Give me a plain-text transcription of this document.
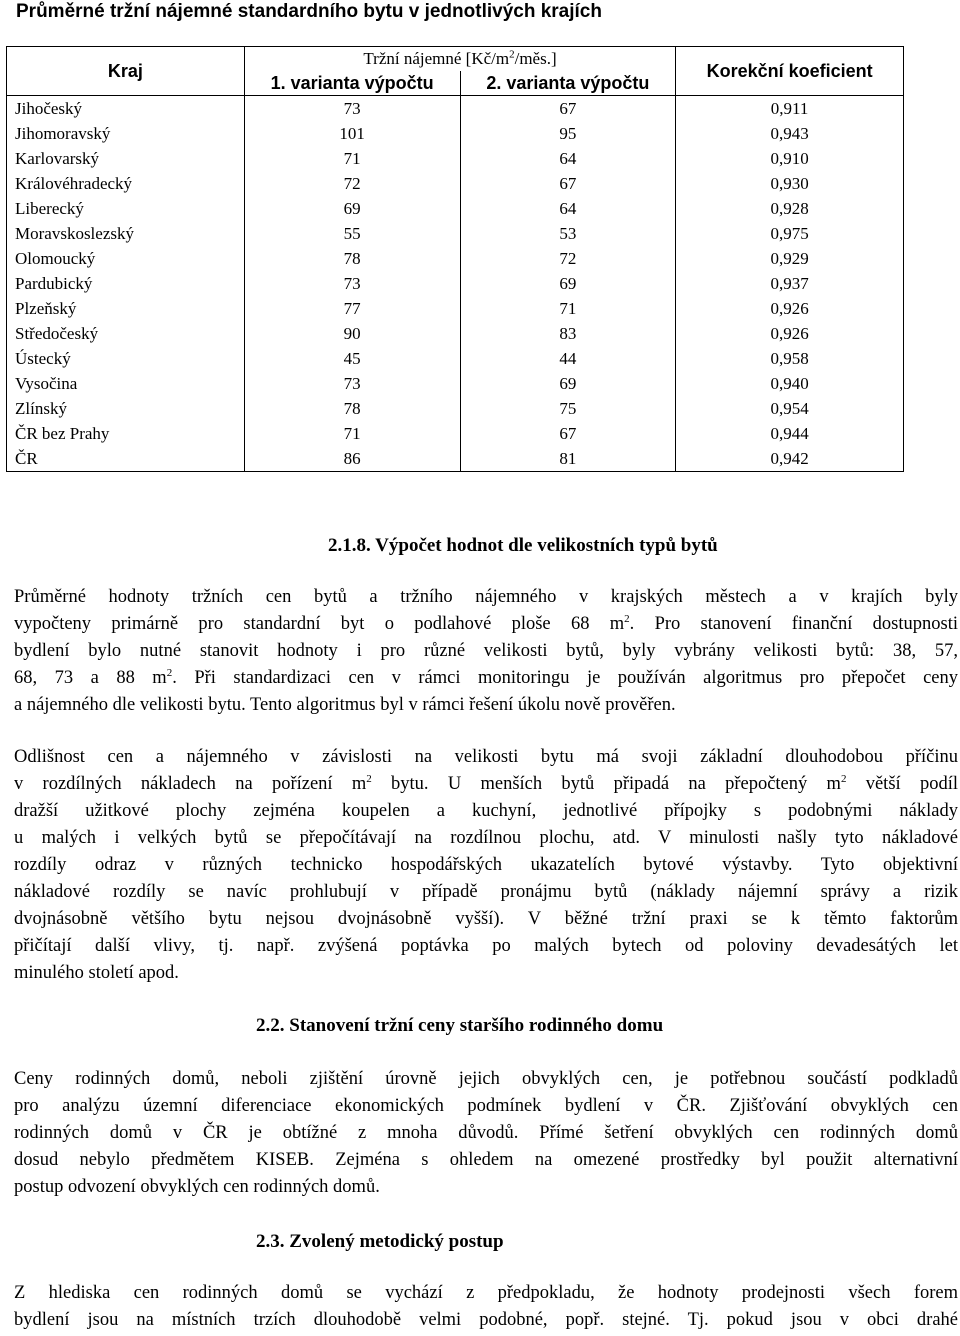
Průměrné tržní nájemné standardního bytu v jednotlivých krajích
Kraj	Tržní nájemné $[Kč/m^2/měs.]$		Korekční koeficient
	1. varianta výpočtu	2. varianta výpočtu	
Jihočeský	73	67	0,911
Jihomoravský	101	95	0,943
Karlovarský	71	64	0,910
Královéhradecký	72	67	0,930
Liberecký	69	64	0,928
Moravskoslezský	55	53	0,975
Olomoucký	78	72	0,929
Pardubický	73	69	0,937
Plzeňský	77	71	0,926
Středočeský	90	83	0,926
Ústecký	45	44	0,958
Vysočina	73	69	0,940
Zlínský	78	75	0,954
ČR bez Prahy	71	67	0,944
ČR	86	81	0,942
2.1.8. Výpočet hodnot dle velikostních typů bytů
Průměrné hodnoty tržních cen bytů a tržního nájemného v krajských městech a v krajích byly
vypočteny primárně pro standardní byt o podlahové ploše 68 $m^2$. Pro stanovení finanční dostupnosti
bydlení bylo nutné stanovit hodnoty i pro různé velikosti bytů, byly vybrány velikosti bytů: 38, 57,
68, 73 a 88 $m^2$. Při standardizaci cen v rámci monitoringu je používán algoritmus pro přepočet ceny
a nájemného dle velikosti bytu. Tento algoritmus byl v rámci řešení úkolu nově prověřen.
Odlišnost cen a nájemného v závislosti na velikosti bytu má svoji základní dlouhodobou příčinu
v rozdílných nákladech na pořízení $m^2$ bytu. U menších bytů připadá na přepočtený $m^2$ větší podíl
dražší užitkové plochy zejména koupelen a kuchyní, jednotlivé přípojky s podobnými náklady
u malých i velkých bytů se přepočítávají na rozdílnou plochu, atd. V minulosti našly tyto nákladové
rozdíly odraz v různých technicko hospodářských ukazatelích bytové výstavby. Tyto objektivní
nákladové rozdíly se navíc prohlubují v případě pronájmu bytů (náklady nájemní správy a rizik
dvojnásobně většího bytu nejsou dvojnásobně vyšší). V běžné tržní praxi se k těmto faktorům
přičítají další vlivy, tj. např. zvýšená poptávka po malých bytech od poloviny devadesátých let
minulého století apod.
2.2. Stanovení tržní ceny staršího rodinného domu
Ceny rodinných domů, neboli zjištění úrovně jejich obvyklých cen, je potřebnou součástí podkladů
pro analýzu územní diferenciace ekonomických podmínek bydlení v ČR. Zjišťování obvyklých cen
rodinných domů v ČR je obtížné z mnoha důvodů. Přímé šetření obvyklých cen rodinných domů
dosud nebylo předmětem KISEB. Zejména s ohledem na omezené prostředky byl použit alternativní
postup odvození obvyklých cen rodinných domů.
2.3. Zvolený metodický postup
Z hlediska cen rodinných domů se vychází z předpokladu, že hodnoty prodejnosti všech forem
bydlení jsou na místních trzích dlouhodobě velmi podobné, popř. stejné. Tj. pokud jsou v obci drahé
